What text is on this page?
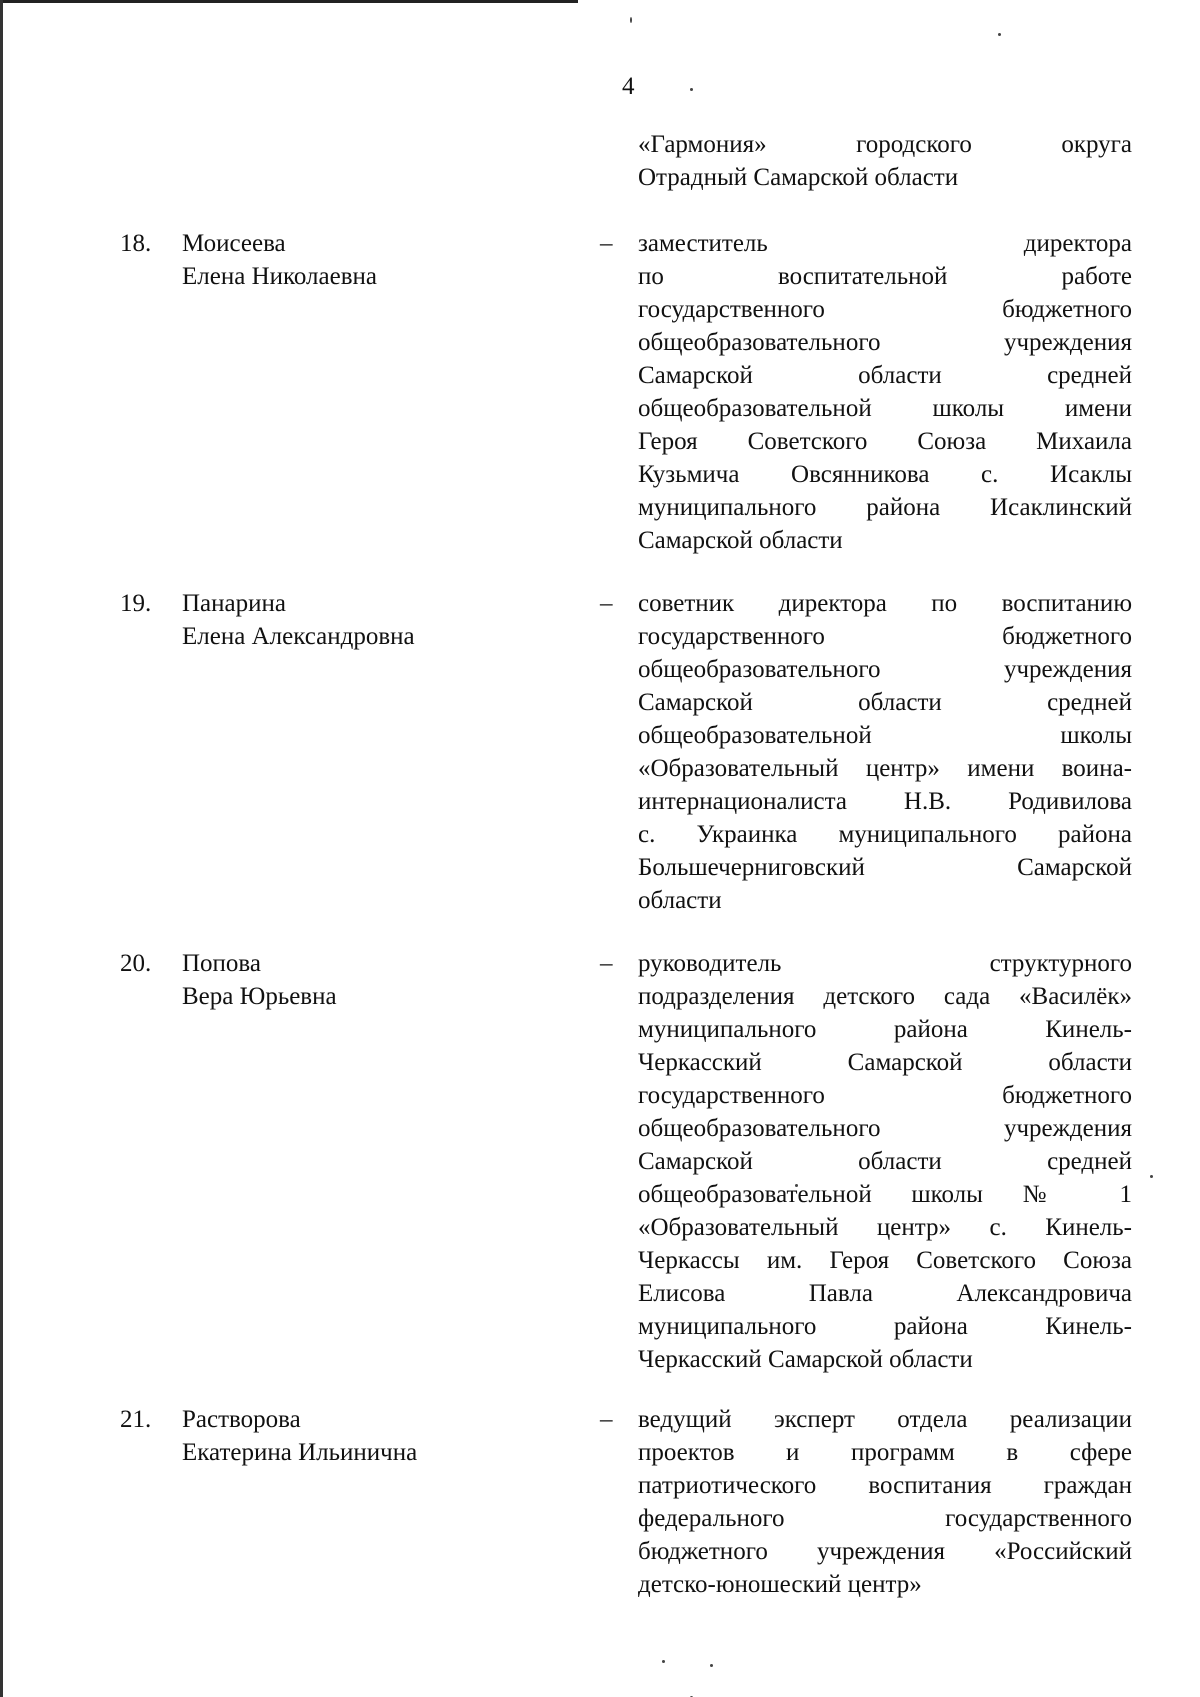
4
«Гармония» городского округа
Отрадный Самарской области
18. Моисеева
Елена Николаевна
– заместитель директора
по воспитательной работе
государственного бюджетного
общеобразовательного учреждения
Самарской области средней
общеобразовательной школы имени
Героя Советского Союза Михаила
Кузьмича Овсянникова с. Исаклы
муниципального района Исаклинский
Самарской области
19. Панарина
Елена Александровна
– советник директора по воспитанию
государственного бюджетного
общеобразовательного учреждения
Самарской области средней
общеобразовательной школы
«Образовательный центр» имени воина-
интернационалиста Н.В. Родивилова
с. Украинка муниципального района
Большечерниговский Самарской
области
20. Попова
Вера Юрьевна
– руководитель структурного
подразделения детского сада «Василёк»
муниципального района Кинель-
Черкасский Самарской области
государственного бюджетного
общеобразовательного учреждения
Самарской области средней
общеобразовательной школы № 1
«Образовательный центр» с. Кинель-
Черкассы им. Героя Советского Союза
Елисова Павла Александровича
муниципального района Кинель-
Черкасский Самарской области
21. Растворова
Екатерина Ильинична
– ведущий эксперт отдела реализации
проектов и программ в сфере
патриотического воспитания граждан
федерального государственного
бюджетного учреждения «Российский
детско-юношеский центр»
